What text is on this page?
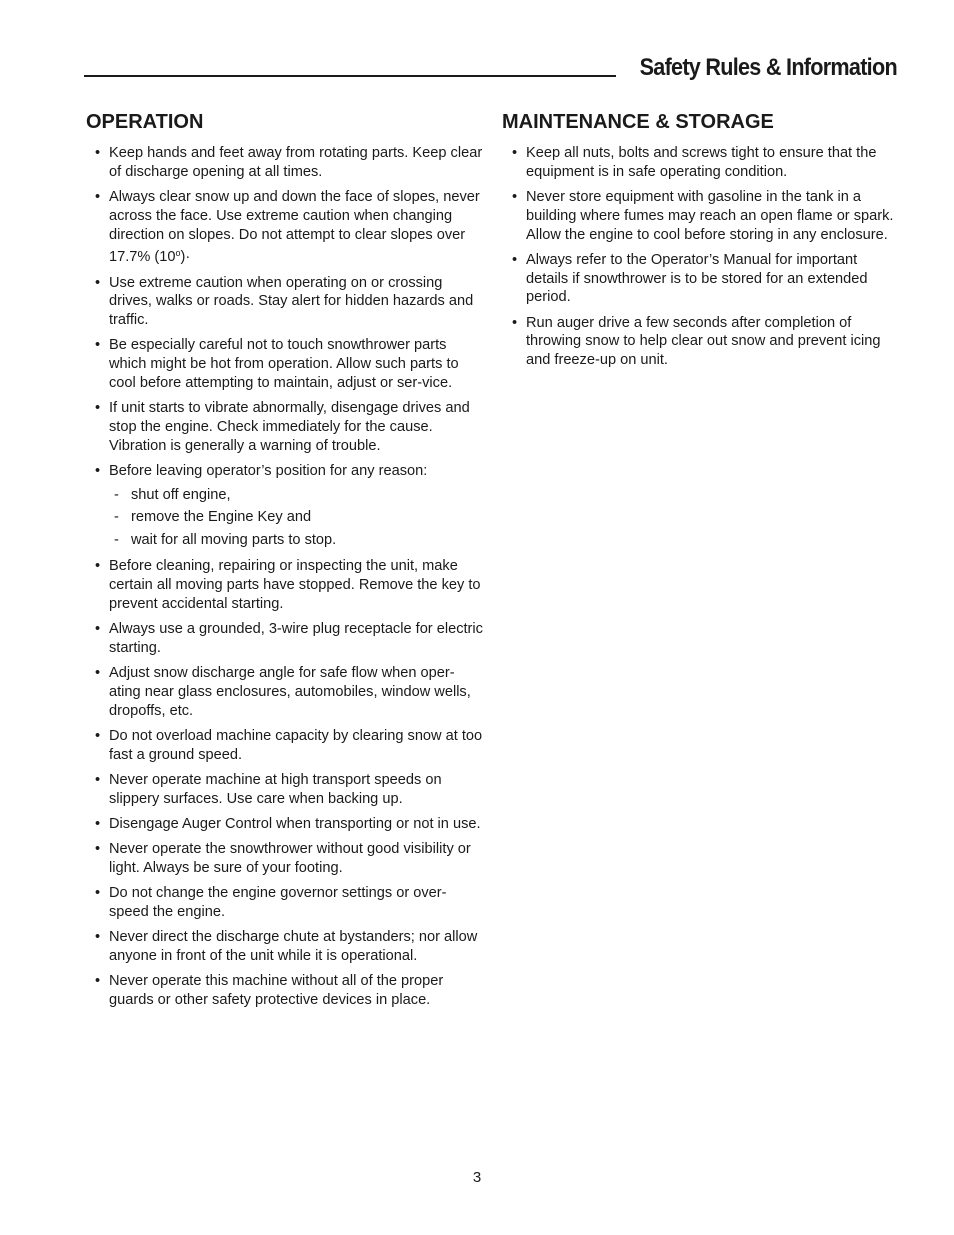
Safety Rules & Information
OPERATION
• Keep hands and feet away from rotating parts. Keep clear of discharge opening at all times.
• Always clear snow up and down the face of slopes, never across the face. Use extreme caution when changing direction on slopes. Do not attempt to clear slopes over 17.7% $(10^o)\cdot$
• Use extreme caution when operating on or crossing drives, walks or roads. Stay alert for hidden hazards and traffic.
• Be especially careful not to touch snowthrower parts which might be hot from operation. Allow such parts to cool before attempting to maintain, adjust or ser-vice.
• If unit starts to vibrate abnormally, disengage drives and stop the engine. Check immediately for the cause. Vibration is generally a warning of trouble.
• Before leaving operator’s position for any reason:
- shut off engine,
- remove the Engine Key and
- wait for all moving parts to stop.
• Before cleaning, repairing or inspecting the unit, make certain all moving parts have stopped. Remove the key to prevent accidental starting.
• Always use a grounded, 3-wire plug receptacle for electric starting.
• Adjust snow discharge angle for safe flow when oper-ating near glass enclosures, automobiles, window wells, dropoffs, etc.
• Do not overload machine capacity by clearing snow at too fast a ground speed.
• Never operate machine at high transport speeds on slippery surfaces. Use care when backing up.
• Disengage Auger Control when transporting or not in use.
• Never operate the snowthrower without good visibility or light. Always be sure of your footing.
• Do not change the engine governor settings or over-speed the engine.
• Never direct the discharge chute at bystanders; nor allow anyone in front of the unit while it is operational.
• Never operate this machine without all of the proper guards or other safety protective devices in place.
MAINTENANCE & STORAGE
• Keep all nuts, bolts and screws tight to ensure that the equipment is in safe operating condition.
• Never store equipment with gasoline in the tank in a building where fumes may reach an open flame or spark. Allow the engine to cool before storing in any enclosure.
• Always refer to the Operator’s Manual for important details if snowthrower is to be stored for an extended period.
• Run auger drive a few seconds after completion of throwing snow to help clear out snow and prevent icing and freeze-up on unit.
3
